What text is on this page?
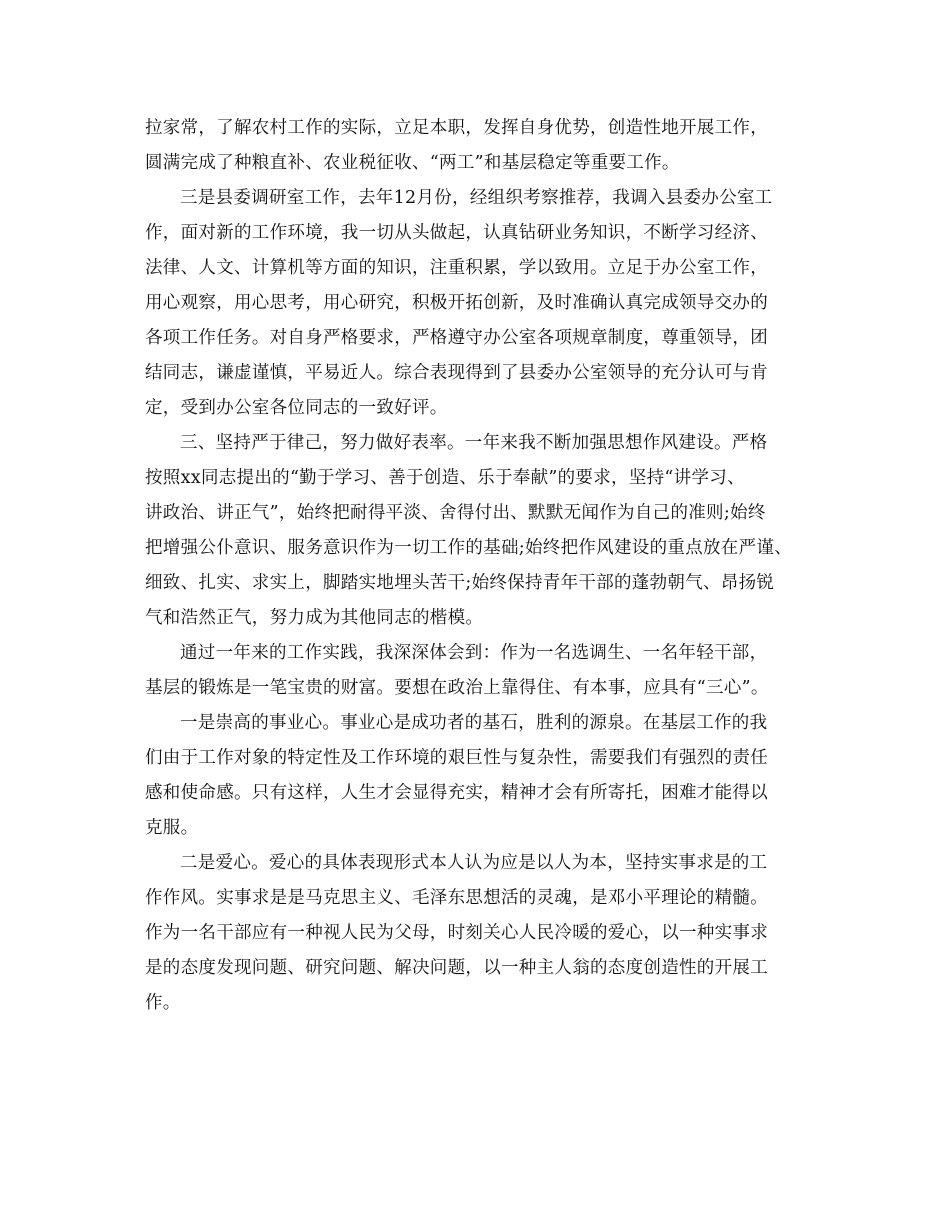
拉家常，了解农村工作的实际，立足本职，发挥自身优势，创造性地开展工作，
圆满完成了种粮直补、农业税征收、“两工”和基层稳定等重要工作。
三是县委调研室工作，去年12月份，经组织考察推荐，我调入县委办公室工
作，面对新的工作环境，我一切从头做起，认真钻研业务知识，不断学习经济、
法律、人文、计算机等方面的知识，注重积累，学以致用。立足于办公室工作，
用心观察，用心思考，用心研究，积极开拓创新，及时准确认真完成领导交办的
各项工作任务。对自身严格要求，严格遵守办公室各项规章制度，尊重领导，团
结同志，谦虚谨慎，平易近人。综合表现得到了县委办公室领导的充分认可与肯
定，受到办公室各位同志的一致好评。
三、坚持严于律己，努力做好表率。一年来我不断加强思想作风建设。严格
按照xx同志提出的“勤于学习、善于创造、乐于奉献”的要求，坚持“讲学习、
讲政治、讲正气”，始终把耐得平淡、舍得付出、默默无闻作为自己的准则;始终
把增强公仆意识、服务意识作为一切工作的基础;始终把作风建设的重点放在严谨、
细致、扎实、求实上，脚踏实地埋头苦干;始终保持青年干部的蓬勃朝气、昂扬锐
气和浩然正气，努力成为其他同志的楷模。
通过一年来的工作实践，我深深体会到：作为一名选调生、一名年轻干部，
基层的锻炼是一笔宝贵的财富。要想在政治上靠得住、有本事，应具有“三心”。
一是崇高的事业心。事业心是成功者的基石，胜利的源泉。在基层工作的我
们由于工作对象的特定性及工作环境的艰巨性与复杂性，需要我们有强烈的责任
感和使命感。只有这样，人生才会显得充实，精神才会有所寄托，困难才能得以
克服。
二是爱心。爱心的具体表现形式本人认为应是以人为本，坚持实事求是的工
作作风。实事求是是马克思主义、毛泽东思想活的灵魂，是邓小平理论的精髓。
作为一名干部应有一种视人民为父母，时刻关心人民冷暖的爱心，以一种实事求
是的态度发现问题、研究问题、解决问题，以一种主人翁的态度创造性的开展工
作。
